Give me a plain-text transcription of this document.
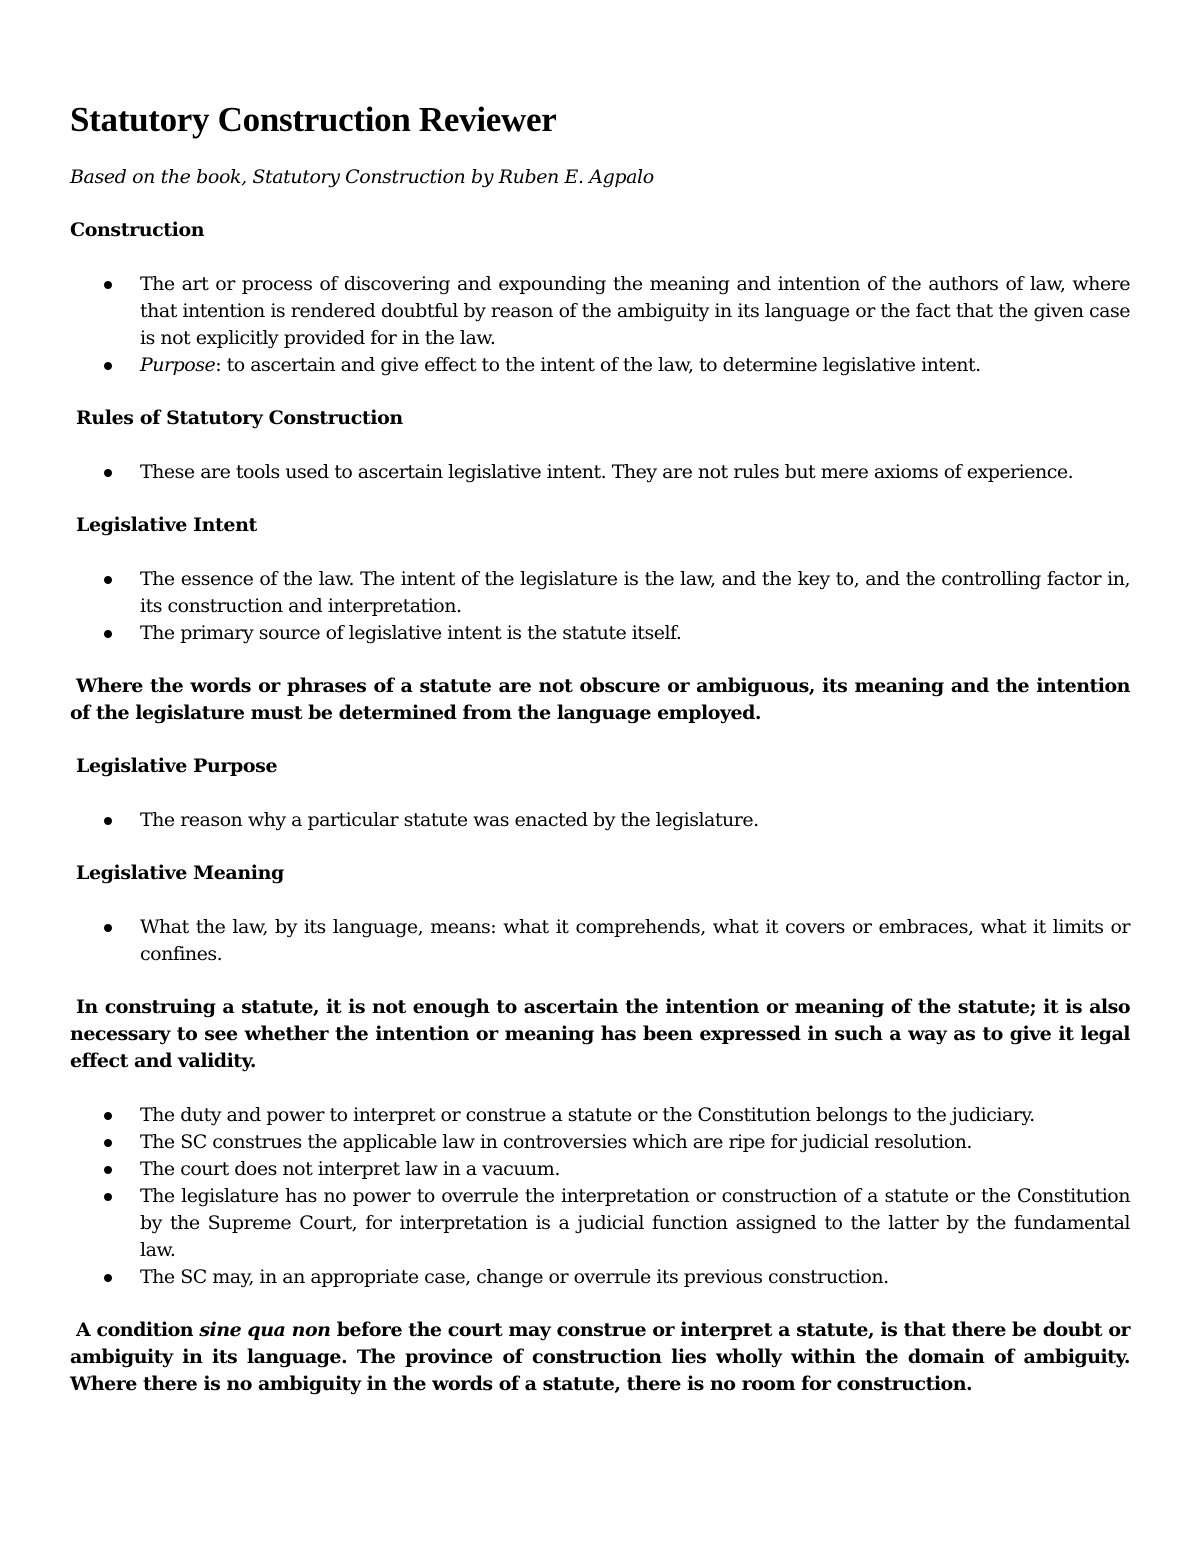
Statutory Construction Reviewer

Based on the book, Statutory Construction by Ruben E. Agpalo

Construction

The art or process of discovering and expounding the meaning and intention of the authors of law, where that intention is rendered doubtful by reason of the ambiguity in its language or the fact that the given case is not explicitly provided for in the law.
Purpose: to ascertain and give effect to the intent of the law, to determine legislative intent.

Rules of Statutory Construction

These are tools used to ascertain legislative intent. They are not rules but mere axioms of experience.

Legislative Intent

The essence of the law. The intent of the legislature is the law, and the key to, and the controlling factor in, its construction and interpretation.
The primary source of legislative intent is the statute itself.

Where the words or phrases of a statute are not obscure or ambiguous, its meaning and the intention of the legislature must be determined from the language employed.

Legislative Purpose

The reason why a particular statute was enacted by the legislature.

Legislative Meaning

What the law, by its language, means: what it comprehends, what it covers or embraces, what it limits or confines.

In construing a statute, it is not enough to ascertain the intention or meaning of the statute; it is also necessary to see whether the intention or meaning has been expressed in such a way as to give it legal effect and validity.

The duty and power to interpret or construe a statute or the Constitution belongs to the judiciary.
The SC construes the applicable law in controversies which are ripe for judicial resolution.
The court does not interpret law in a vacuum.
The legislature has no power to overrule the interpretation or construction of a statute or the Constitution by the Supreme Court, for interpretation is a judicial function assigned to the latter by the fundamental law.
The SC may, in an appropriate case, change or overrule its previous construction.

A condition sine qua non before the court may construe or interpret a statute, is that there be doubt or ambiguity in its language. The province of construction lies wholly within the domain of ambiguity. Where there is no ambiguity in the words of a statute, there is no room for construction.
